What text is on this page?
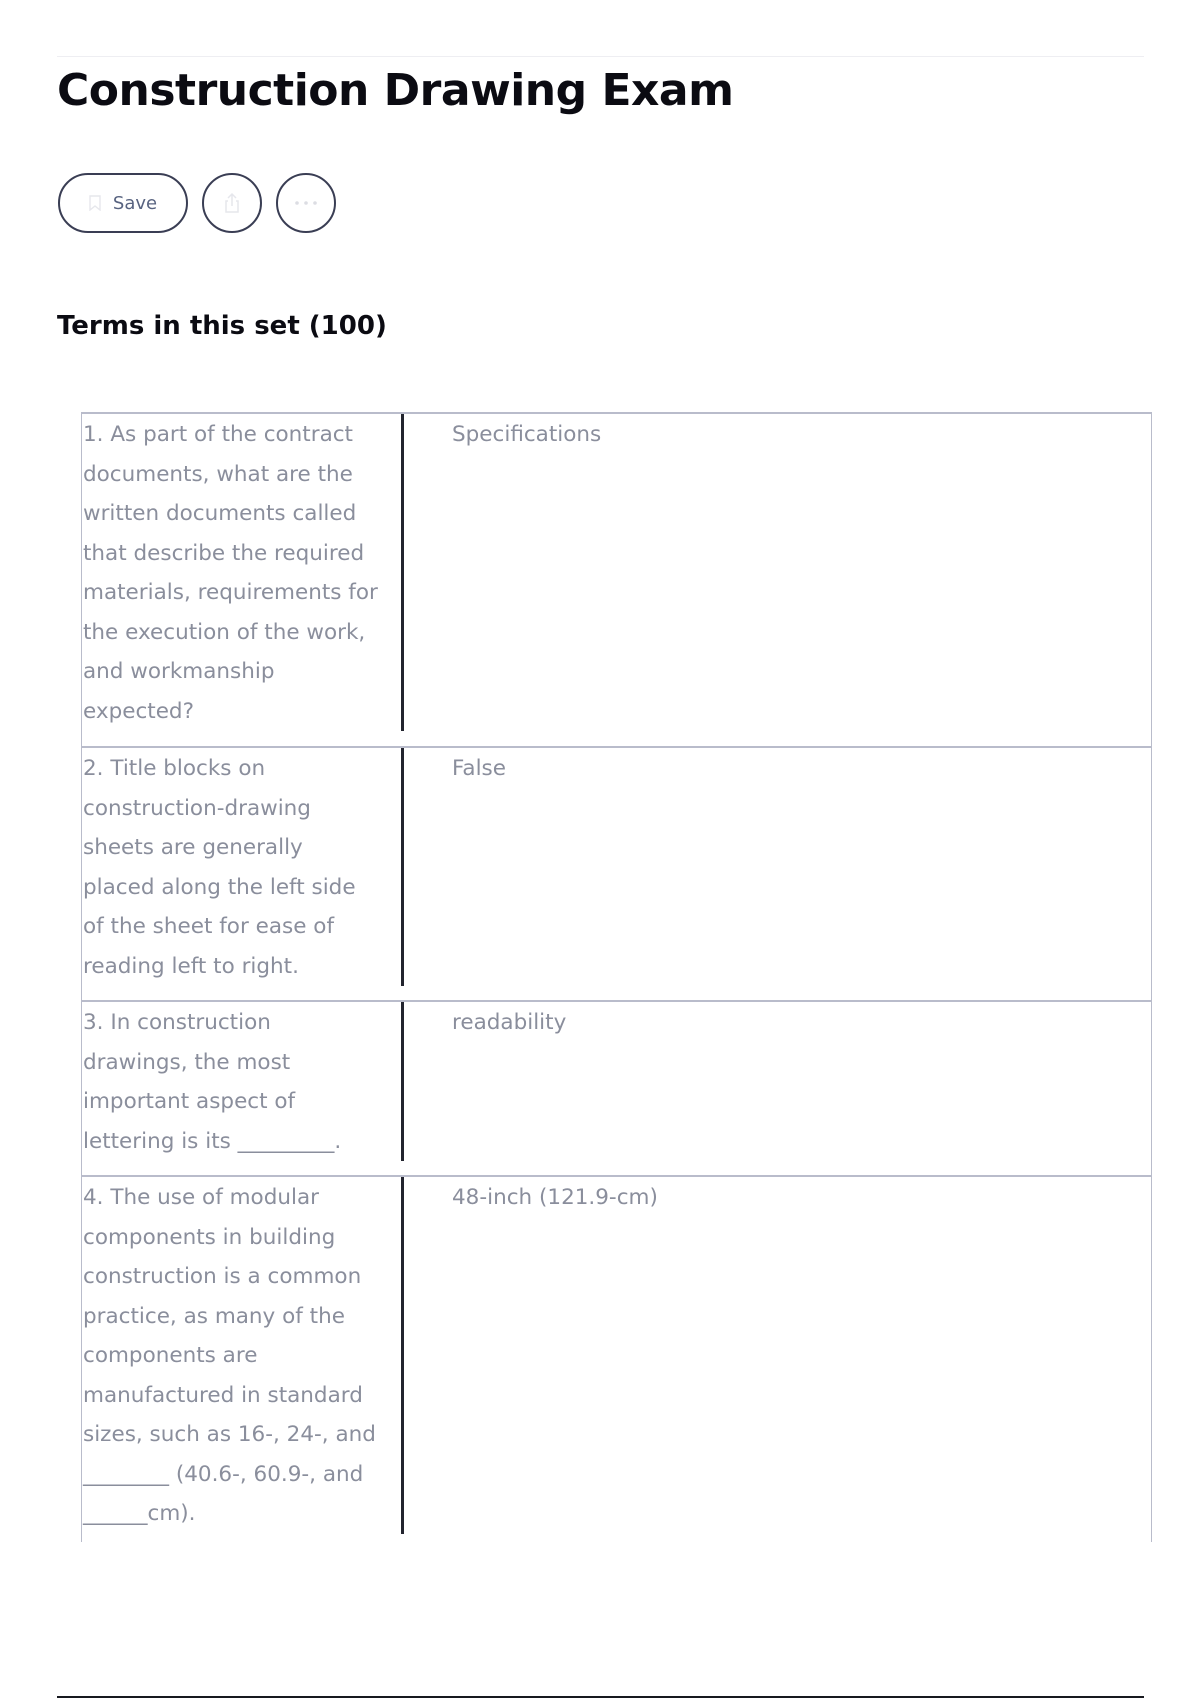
Construction Drawing Exam
Save
Terms in this set (100)

1. As part of the contract
documents, what are the
written documents called
that describe the required
materials, requirements for
the execution of the work,
and workmanship
expected?

Specifications

2. Title blocks on
construction-drawing
sheets are generally
placed along the left side
of the sheet for ease of
reading left to right.

False

3. In construction
drawings, the most
important aspect of
lettering is its _________.

readability

4. The use of modular
components in building
construction is a common
practice, as many of the
components are
manufactured in standard
sizes, such as 16-, 24-, and
________ (40.6-, 60.9-, and
______cm).

48-inch (121.9-cm)
